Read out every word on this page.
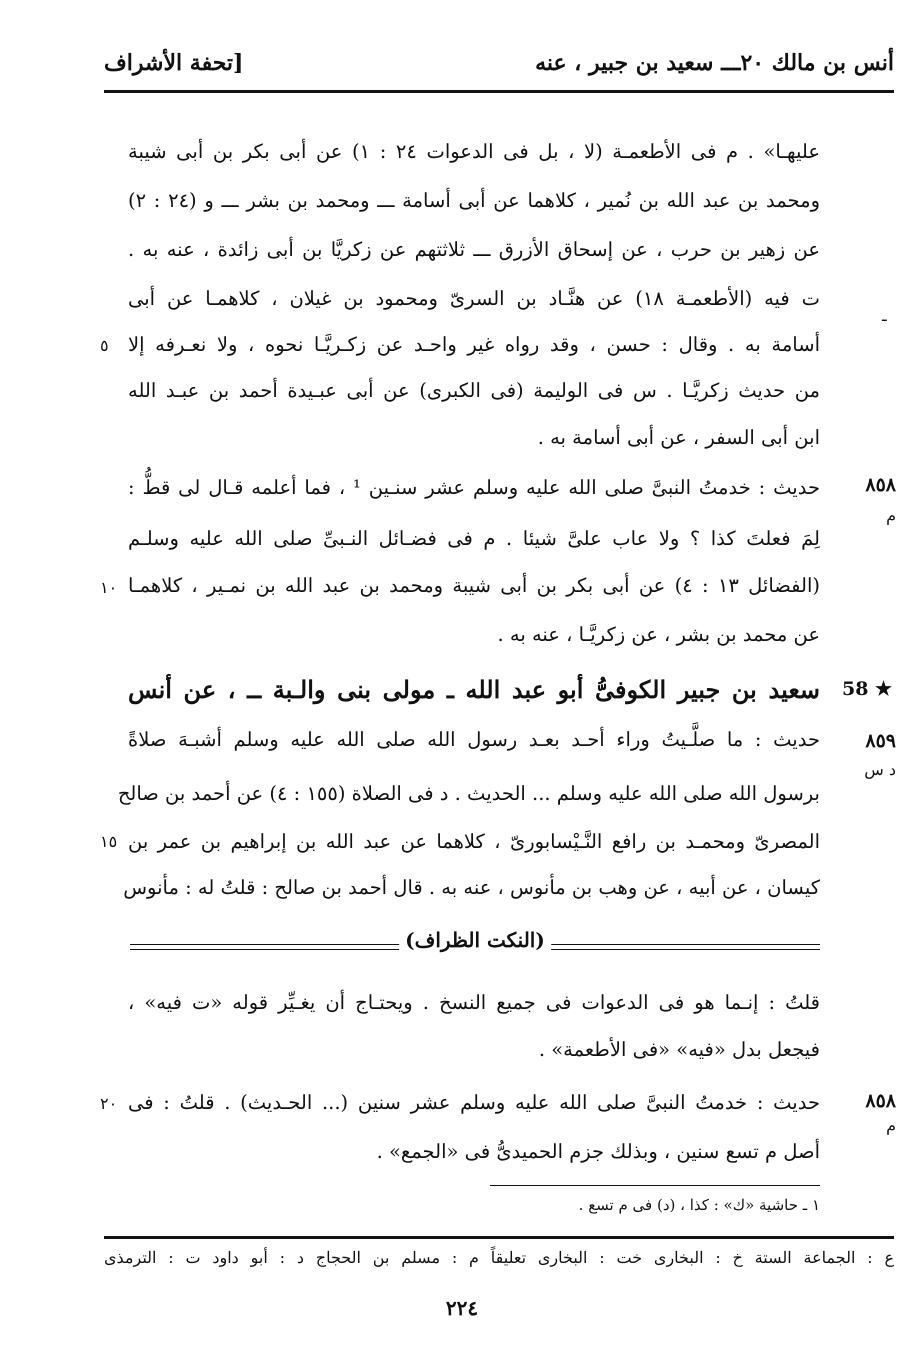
أنس بن مالك ٢٠ـــ سعيد بن جبير ، عنه
[تحفة الأشراف
عليهـا» . م فى الأطعمـة (لا ، بل فى الدعوات ٢٤ : ١) عن أبى بكر بن أبى شيبة
ومحمد بن عبد الله بن نُمير ، كلاهما عن أبى أسامة ـــ ومحمد بن بشر ـــ و (٢٤ : ٢)
عن زهير بن حرب ، عن إسحاق الأزرق ـــ ثلاثتهم عن زكريَّا بن أبى زائدة ، عنه به .
ت فيه (الأطعمـة ١٨) عن هنَّـاد بن السرىّ ومحمود بن غيلان ، كلاهمـا عن أبى
أسامة به . وقال : حسن ، وقد رواه غير واحـد عن زكـريَّـا نحوه ، ولا نعـرفه إلا
٥
من حديث زكريَّـا . س فى الوليمة (فى الكبرى) عن أبى عبـيدة أحمد بن عبـد الله
ابن أبى السفر ، عن أبى أسامة به .
ـ
٨٥٨
م
حديث : خدمتُ النبىَّ صلى الله عليه وسلم عشر سنـين ¹ ، فما أعلمه قـال لى قطُّ :
لِمَ فعلتَ كذا ؟ ولا عاب علىَّ شيئا . م فى فضـائل النـبىِّ صلى الله عليه وسلـم
(الفضائل ١٣ : ٤) عن أبى بكر بن أبى شيبة ومحمد بن عبد الله بن نمـير ، كلاهمـا
١٠
عن محمد بن بشر ، عن زكريَّـا ، عنه به .
58 ★
سعيد بن جبير الكوفىُّ أبو عبد الله ـ مولى بنى والـبة ــ ، عن أنس
٨٥٩
د س
حديث : ما صلَّـيتُ وراء أحـد بعـد رسول الله صلى الله عليه وسلم أشبـهَ صلاةً
برسول الله صلى الله عليه وسلم ... الحديث . د فى الصلاة (١٥٥ : ٤) عن أحمد بن صالح
المصرىّ ومحمـد بن رافع النَّـيْسابورىّ ، كلاهما عن عبد الله بن إبراهيم بن عمر بن
١٥
كيسان ، عن أبيه ، عن وهب بن مأنوس ، عنه به . قال أحمد بن صالح : قلتُ له : مأنوس
(النكت الظراف)
قلتُ : إنـما هو فى الدعوات فى جميع النسخ . ويحتـاج أن يغـيِّر قوله «ت فيه» ،
فيجعل بدل «فيه» «فى الأطعمة» .
٨٥٨
م
٢٠ حديث : خدمتُ النبىَّ صلى الله عليه وسلم عشر سنين (... الحـديث) . قلتُ : فى
أصل م تسع سنين ، وبذلك جزم الحميدىُّ فى «الجمع» .
١ ـ حاشية «ك» : كذا ، (د) فى م تسع .
ع : الجماعة الستة خ : البخارى خت : البخارى تعليقاً م : مسلم بن الحجاج د : أبو داود ت : الترمذى
٢٢٤
